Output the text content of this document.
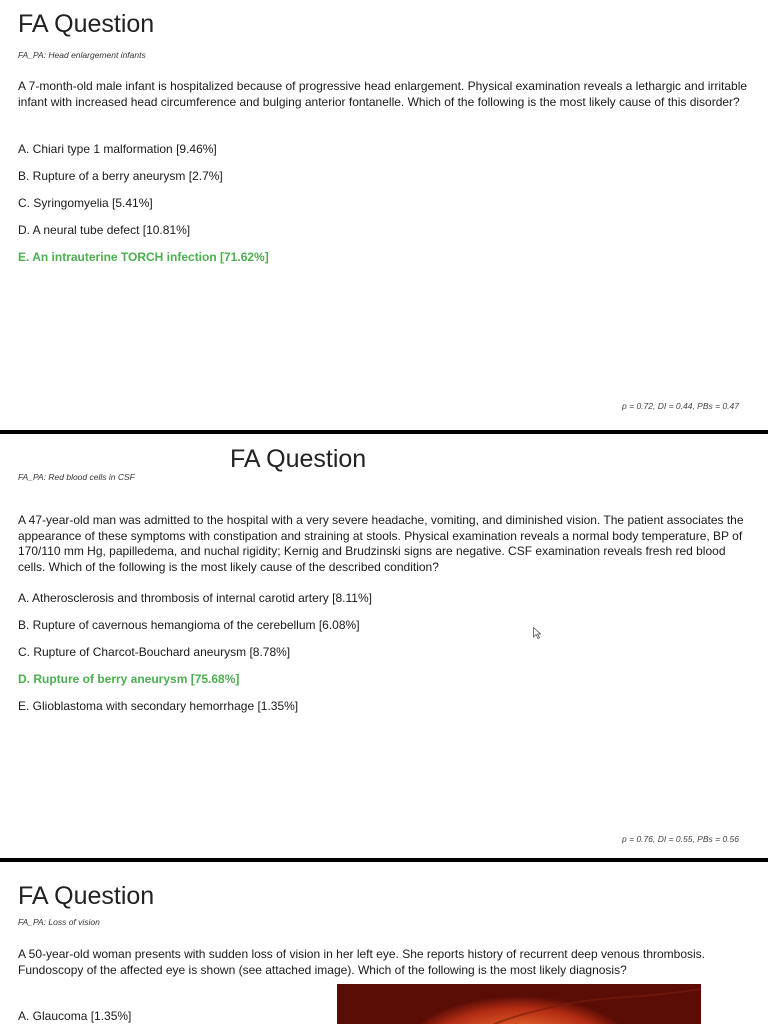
FA Question
FA_PA: Head enlargement infants
A 7-month-old male infant is hospitalized because of progressive head enlargement. Physical examination reveals a lethargic and irritable infant with increased head circumference and bulging anterior fontanelle. Which of the following is the most likely cause of this disorder?
A. Chiari type 1 malformation [9.46%]
B. Rupture of a berry aneurysm [2.7%]
C. Syringomyelia [5.41%]
D. A neural tube defect [10.81%]
E. An intrauterine TORCH infection [71.62%]
p = 0.72, DI = 0.44, PBs = 0.47
FA Question
FA_PA: Red blood cells in CSF
A 47-year-old man was admitted to the hospital with a very severe headache, vomiting, and diminished vision. The patient associates the appearance of these symptoms with constipation and straining at stools. Physical examination reveals a normal body temperature, BP of 170/110 mm Hg, papilledema, and nuchal rigidity; Kernig and Brudzinski signs are negative. CSF examination reveals fresh red blood cells. Which of the following is the most likely cause of the described condition?
A. Atherosclerosis and thrombosis of internal carotid artery [8.11%]
B. Rupture of cavernous hemangioma of the cerebellum [6.08%]
C. Rupture of Charcot-Bouchard aneurysm [8.78%]
D. Rupture of berry aneurysm [75.68%]
E. Glioblastoma with secondary hemorrhage [1.35%]
p = 0.76, DI = 0.55, PBs = 0.56
FA Question
FA_PA: Loss of vision
A 50-year-old woman presents with sudden loss of vision in her left eye. She reports history of recurrent deep venous thrombosis. Fundoscopy of the affected eye is shown (see attached image). Which of the following is the most likely diagnosis?
A. Glaucoma [1.35%]
